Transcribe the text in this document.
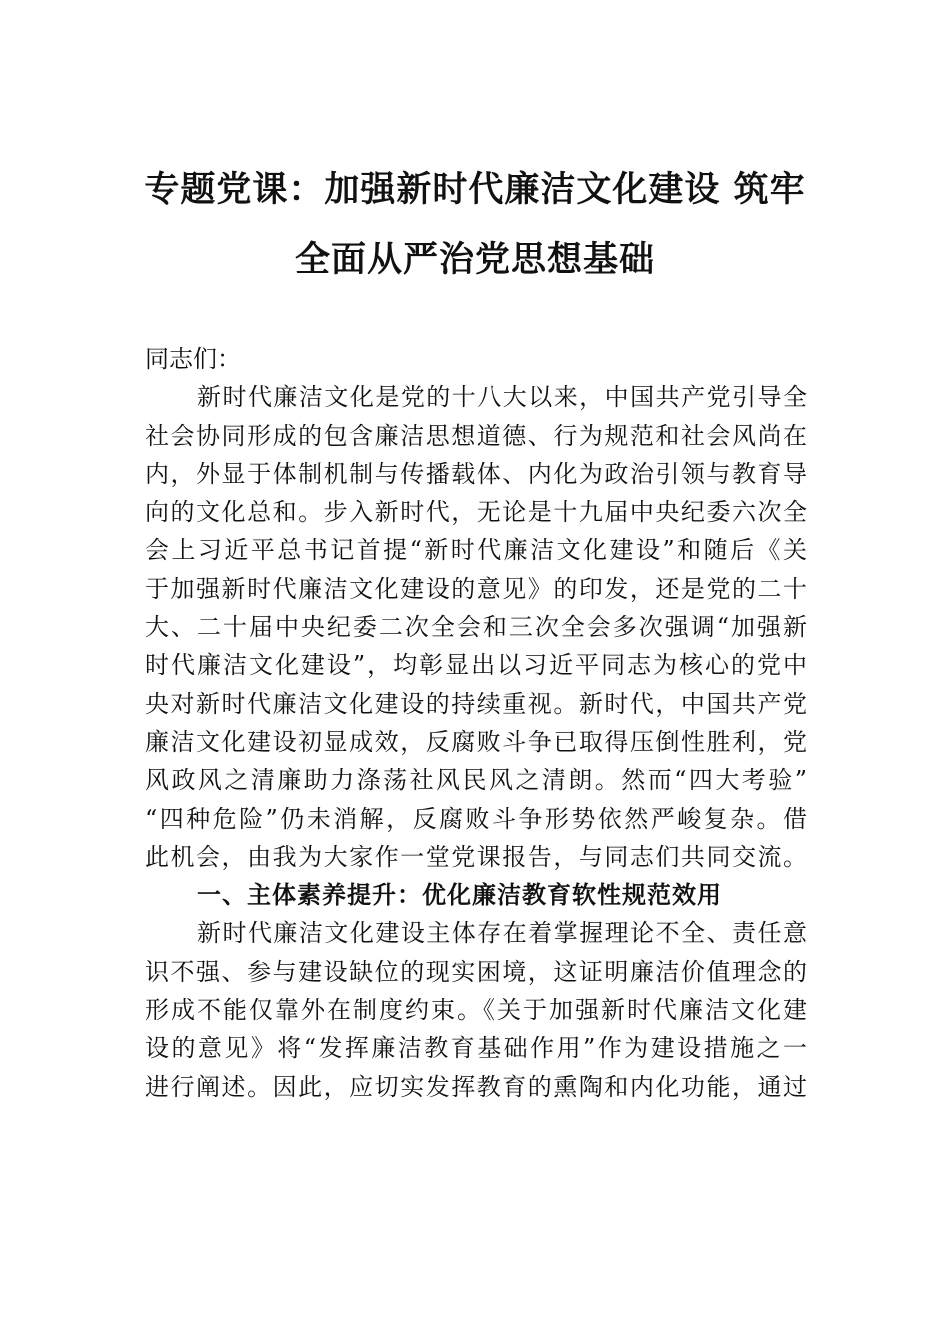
专题党课：加强新时代廉洁文化建设 筑牢
全面从严治党思想基础
同志们：
新时代廉洁文化是党的十八大以来，中国共产党引导全
社会协同形成的包含廉洁思想道德、行为规范和社会风尚在
内，外显于体制机制与传播载体、内化为政治引领与教育导
向的文化总和。步入新时代，无论是十九届中央纪委六次全
会上习近平总书记首提“新时代廉洁文化建设”和随后《关
于加强新时代廉洁文化建设的意见》的印发，还是党的二十
大、二十届中央纪委二次全会和三次全会多次强调“加强新
时代廉洁文化建设”，均彰显出以习近平同志为核心的党中
央对新时代廉洁文化建设的持续重视。新时代，中国共产党
廉洁文化建设初显成效，反腐败斗争已取得压倒性胜利，党
风政风之清廉助力涤荡社风民风之清朗。然而“四大考验”
“四种危险”仍未消解，反腐败斗争形势依然严峻复杂。借
此机会，由我为大家作一堂党课报告，与同志们共同交流。
一、主体素养提升：优化廉洁教育软性规范效用
新时代廉洁文化建设主体存在着掌握理论不全、责任意
识不强、参与建设缺位的现实困境，这证明廉洁价值理念的
形成不能仅靠外在制度约束。《关于加强新时代廉洁文化建
设的意见》将“发挥廉洁教育基础作用”作为建设措施之一
进行阐述。因此，应切实发挥教育的熏陶和内化功能，通过
